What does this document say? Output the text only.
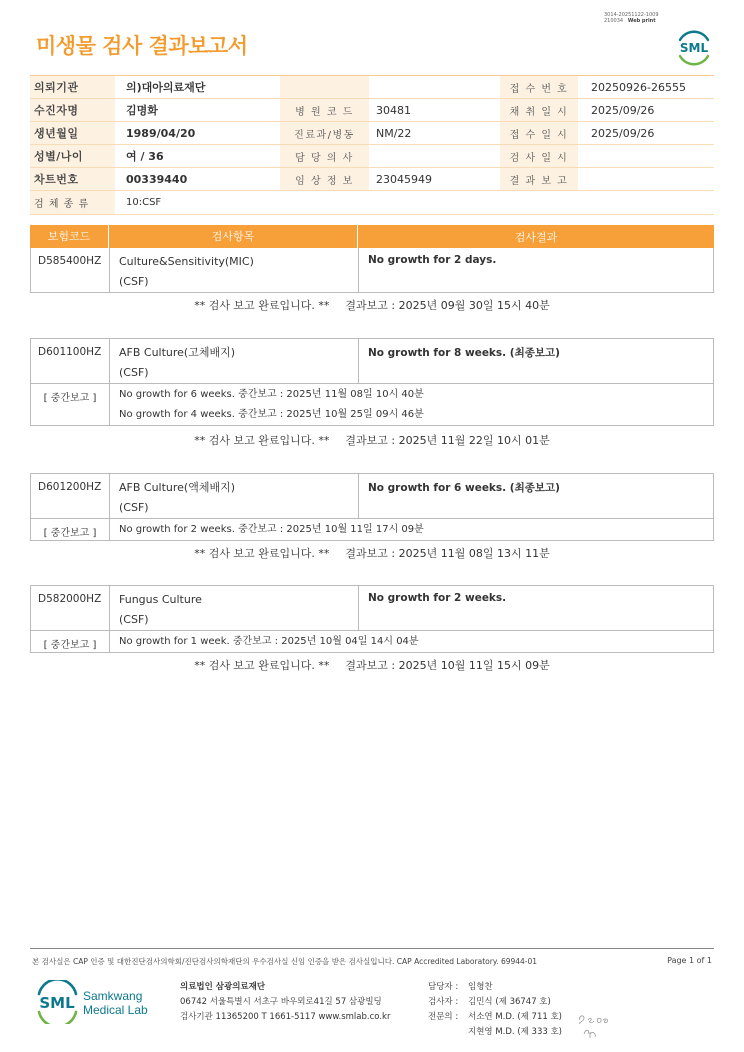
3014-20251122-1009
210034 Web print
미생물 검사 결과보고서	SML
의뢰기관	의)대아의료재단	접 수 번 호	20250926-26555
수진자명	김명화	병 원 코 드	30481	채 취 일 시	2025/09/26
생년월일	1989/04/20	진료과/병동	NM/22	접 수 일 시	2025/09/26
성별/나이	여 / 36	담 당 의 사	검 사 일 시
차트번호	00339440	임 상 정 보	23045949	결 과 보 고
검 체 종 류	10:CSF
보험코드	검사항목	검사결과
D585400HZ	Culture&Sensitivity(MIC)
(CSF)
No growth for 2 days.
** 검사 보고 완료입니다. ** 결과보고 : 2025년 09월 30일 15시 40분
D601100HZ	AFB Culture(고체배지)
(CSF)
No growth for 8 weeks. (최종보고)
[ 중간보고 ]	No growth for 6 weeks. 중간보고 : 2025년 11월 08일 10시 40분
No growth for 4 weeks. 중간보고 : 2025년 10월 25일 09시 46분
** 검사 보고 완료입니다. ** 결과보고 : 2025년 11월 22일 10시 01분
D601200HZ	AFB Culture(액체배지)
(CSF)
No growth for 6 weeks. (최종보고)
[ 중간보고 ]	No growth for 2 weeks. 중간보고 : 2025년 10월 11일 17시 09분
** 검사 보고 완료입니다. ** 결과보고 : 2025년 11월 08일 13시 11분
D582000HZ	Fungus Culture
(CSF)
No growth for 2 weeks.
[ 중간보고 ]	No growth for 1 week. 중간보고 : 2025년 10월 04일 14시 04분
** 검사 보고 완료입니다. ** 결과보고 : 2025년 10월 11일 15시 09분
본 검사실은 CAP 인증 및 대한진단검사의학회/진단검사의학재단의 우수검사실 신임 인증을 받은 검사실입니다. CAP Accredited Laboratory. 69944-01	Page 1 of 1
SML Samkwang
Medical Lab
의료법인 삼광의료재단
06742 서울특별시 서초구 바우뫼로41길 57 삼광빌딩
검사기관 11365200 T 1661-5117 www.smlab.co.kr
담당자 :	임형찬
검사자 :	김민식 (제 36747 호)
전문의 :	서소연 M.D. (제 711 호)
지현영 M.D. (제 333 호)
